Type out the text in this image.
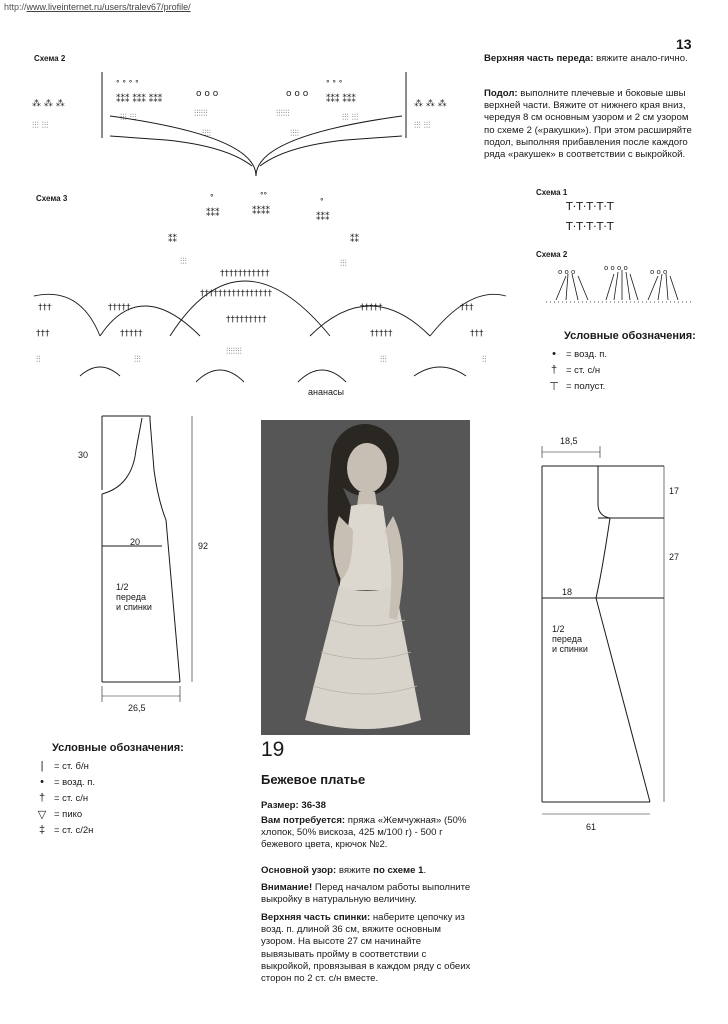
http://www.liveinternet.ru/users/tralev67/profile/
13
Схема 2
⁂ ⁂ ⁂
⫶⫶⫶ ⫶⫶⫶
ᐤ ᐤ ᐤ ᐤ
⁑⁑⁑ ⁑⁑⁑ ⁑⁑⁑
⫶⫶⫶ ⫶⫶⫶
o o o
⫶⫶⫶⫶⫶⫶
⫶⫶⫶⫶
o o o
⫶⫶⫶⫶⫶⫶
⫶⫶⫶⫶
ᐤ ᐤ ᐤ
⁑⁑⁑ ⁑⁑⁑
⫶⫶⫶ ⫶⫶⫶
⁂ ⁂ ⁂
⫶⫶⫶ ⫶⫶⫶
Верхняя часть переда: вяжите анало-гично.
Подол: выполните плечевые и боковые швы верхней части. Вяжите от нижнего края вниз, чередуя 8 см основным узором и 2 см узором по схеме 2 («ракушки»). При этом расширяйте подол, выполняя прибавления после каждого ряда «ракушек» в соответствии с выкройкой.
Схема 1
T·T·T·T·T
T·T·T·T·T
Схема 2
o o o	o o o o	o o o
Условные обозначения:
•	= возд. п.
† = ст. с/н
⊤ = полуст.
Схема 3	ᐤ	ᐤᐤ
ᐤ
⁑⁑⁑	⁑⁑⁑⁑
⁑⁑⁑
⁑⁑	⁑⁑
⫶⫶⫶	⫶⫶⫶
†††††††††††
††††††††††††††††
†††	†††††	†††††	†††
†††	†††††
†††††††††
†††††	†††
⫶⫶	⫶⫶⫶
⫶⫶⫶⫶⫶⫶⫶
⫶⫶⫶	⫶⫶
ананасы
30
20	92
26,5
1/2
переда
и спинки
Условные обозначения:
|	= ст. б/н
•	= возд. п.
† = ст. с/н
▽ = пико
‡ = ст. с/2н
19
Бежевое платье
Размер: 36-38
Вам потребуется: пряжа «Жемчужная» (50% хлопок, 50% вискоза, 425 м/100 г) - 500 г бежевого цвета, крючок №2.
Основной узор: вяжите по схеме 1.
Внимание! Перед началом работы выполните выкройку в натуральную величину.
Верхняя часть спинки: наберите цепочку из возд. п. длиной 36 см, вяжите основным узором. На высоте 27 см начинайте вывязывать пройму в соответствии с выкройкой, провязывая в каждом ряду с обеих сторон по 2 ст. с/н вместе.
18,5
17
27
18
61
1/2
переда
и спинки
